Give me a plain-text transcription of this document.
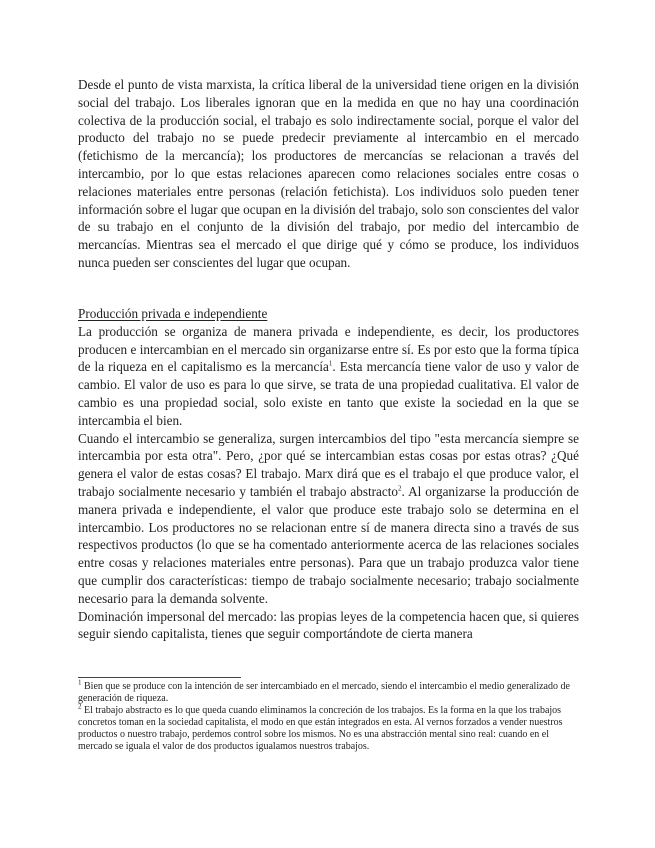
Desde el punto de vista marxista, la crítica liberal de la universidad tiene origen en la división social del trabajo. Los liberales ignoran que en la medida en que no hay una coordinación colectiva de la producción social, el trabajo es solo indirectamente social, porque el valor del producto del trabajo no se puede predecir previamente al intercambio en el mercado (fetichismo de la mercancía); los productores de mercancías se relacionan a través del intercambio, por lo que estas relaciones aparecen como relaciones sociales entre cosas o relaciones materiales entre personas (relación fetichista). Los individuos solo pueden tener información sobre el lugar que ocupan en la división del trabajo, solo son conscientes del valor de su trabajo en el conjunto de la división del trabajo, por medio del intercambio de mercancías. Mientras sea el mercado el que dirige qué y cómo se produce, los individuos nunca pueden ser conscientes del lugar que ocupan.

Producción privada e independiente

La producción se organiza de manera privada e independiente, es decir, los productores producen e intercambian en el mercado sin organizarse entre sí. Es por esto que la forma típica de la riqueza en el capitalismo es la mercancía$^1$. Esta mercancía tiene valor de uso y valor de cambio. El valor de uso es para lo que sirve, se trata de una propiedad cualitativa. El valor de cambio es una propiedad social, solo existe en tanto que existe la sociedad en la que se intercambia el bien.

Cuando el intercambio se generaliza, surgen intercambios del tipo "esta mercancía siempre se intercambia por esta otra". Pero, ¿por qué se intercambian estas cosas por estas otras? ¿Qué genera el valor de estas cosas? El trabajo. Marx dirá que es el trabajo el que produce valor, el trabajo socialmente necesario y también el trabajo abstracto$^2$. Al organizarse la producción de manera privada e independiente, el valor que produce este trabajo solo se determina en el intercambio. Los productores no se relacionan entre sí de manera directa sino a través de sus respectivos productos (lo que se ha comentado anteriormente acerca de las relaciones sociales entre cosas y relaciones materiales entre personas). Para que un trabajo produzca valor tiene que cumplir dos características: tiempo de trabajo socialmente necesario; trabajo socialmente necesario para la demanda solvente.

Dominación impersonal del mercado: las propias leyes de la competencia hacen que, si quieres seguir siendo capitalista, tienes que seguir comportándote de cierta manera

$^1$ Bien que se produce con la intención de ser intercambiado en el mercado, siendo el intercambio el medio generalizado de generación de riqueza.

$^2$ El trabajo abstracto es lo que queda cuando eliminamos la concreción de los trabajos. Es la forma en la que los trabajos concretos toman en la sociedad capitalista, el modo en que están integrados en esta. Al vernos forzados a vender nuestros productos o nuestro trabajo, perdemos control sobre los mismos. No es una abstracción mental sino real: cuando en el mercado se iguala el valor de dos productos igualamos nuestros trabajos.
